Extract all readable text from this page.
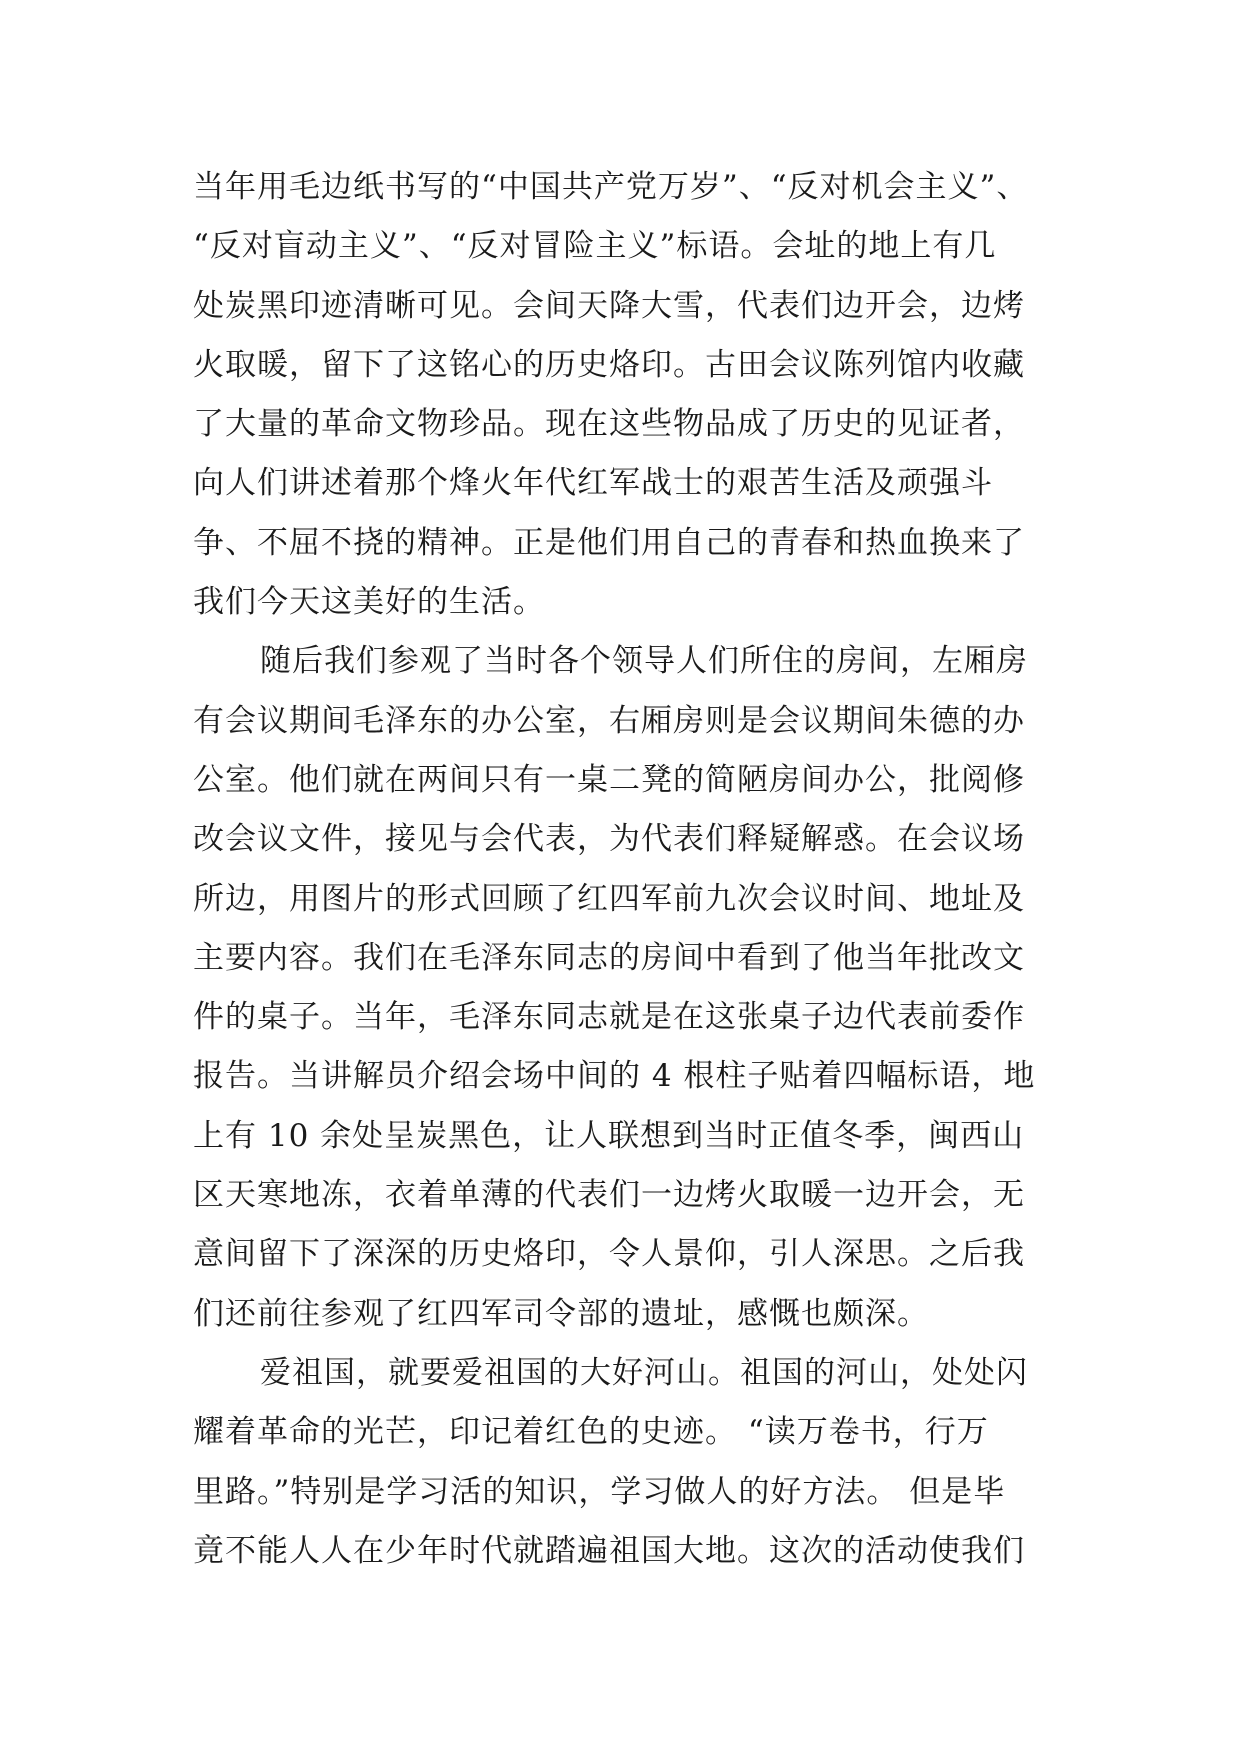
当年用毛边纸书写的“中国共产党万岁”、“反对机会主义”、
“反对盲动主义”、“反对冒险主义”标语。会址的地上有几
处炭黑印迹清晰可见。会间天降大雪，代表们边开会，边烤
火取暖，留下了这铭心的历史烙印。古田会议陈列馆内收藏
了大量的革命文物珍品。现在这些物品成了历史的见证者，
向人们讲述着那个烽火年代红军战士的艰苦生活及顽强斗
争、不屈不挠的精神。正是他们用自己的青春和热血换来了
我们今天这美好的生活。
随后我们参观了当时各个领导人们所住的房间，左厢房
有会议期间毛泽东的办公室，右厢房则是会议期间朱德的办
公室。他们就在两间只有一桌二凳的简陋房间办公，批阅修
改会议文件，接见与会代表，为代表们释疑解惑。在会议场
所边，用图片的形式回顾了红四军前九次会议时间、地址及
主要内容。我们在毛泽东同志的房间中看到了他当年批改文
件的桌子。当年，毛泽东同志就是在这张桌子边代表前委作
报告。当讲解员介绍会场中间的 4 根柱子贴着四幅标语，地
上有 10 余处呈炭黑色，让人联想到当时正值冬季，闽西山
区天寒地冻，衣着单薄的代表们一边烤火取暖一边开会，无
意间留下了深深的历史烙印，令人景仰，引人深思。之后我
们还前往参观了红四军司令部的遗址，感慨也颇深。
爱祖国，就要爱祖国的大好河山。祖国的河山，处处闪
耀着革命的光芒，印记着红色的史迹。 “读万卷书，行万
里路。”特别是学习活的知识，学习做人的好方法。 但是毕
竟不能人人在少年时代就踏遍祖国大地。这次的活动使我们
